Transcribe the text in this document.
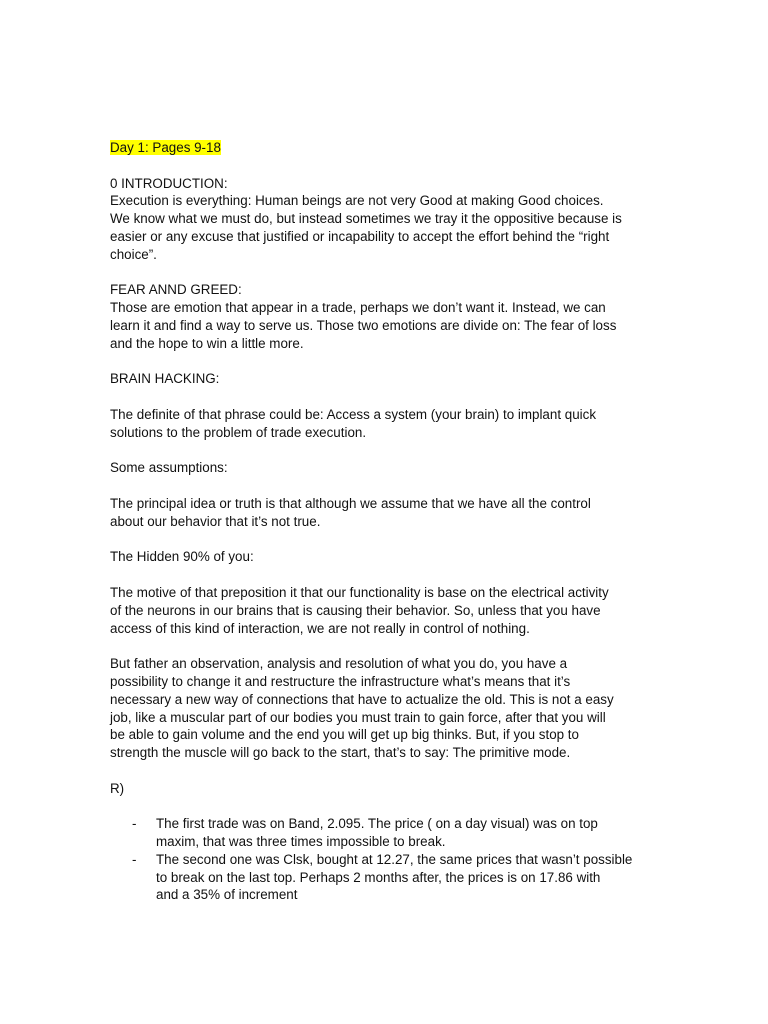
Day 1: Pages 9-18
0 INTRODUCTION:
Execution is everything: Human beings are not very Good at making Good choices.
We know what we must do, but instead sometimes we tray it the oppositive because is
easier or any excuse that justified or incapability to accept the effort behind the “right
choice”.
FEAR ANND GREED:
Those are emotion that appear in a trade, perhaps we don’t want it. Instead, we can
learn it and find a way to serve us. Those two emotions are divide on: The fear of loss
and the hope to win a little more.
BRAIN HACKING:
The definite of that phrase could be: Access a system (your brain) to implant quick
solutions to the problem of trade execution.
Some assumptions:
The principal idea or truth is that although we assume that we have all the control
about our behavior that it’s not true.
The Hidden 90% of you:
The motive of that preposition it that our functionality is base on the electrical activity
of the neurons in our brains that is causing their behavior. So, unless that you have
access of this kind of interaction, we are not really in control of nothing.
But father an observation, analysis and resolution of what you do, you have a
possibility to change it and restructure the infrastructure what’s means that it’s
necessary a new way of connections that have to actualize the old. This is not a easy
job, like a muscular part of our bodies you must train to gain force, after that you will
be able to gain volume and the end you will get up big thinks. But, if you stop to
strength the muscle will go back to the start, that’s to say: The primitive mode.
R)
- The first trade was on Band, 2.095. The price ( on a day visual) was on top
maxim, that was three times impossible to break.
- The second one was Clsk, bought at 12.27, the same prices that wasn’t possible
to break on the last top. Perhaps 2 months after, the prices is on 17.86 with
and a 35% of increment
